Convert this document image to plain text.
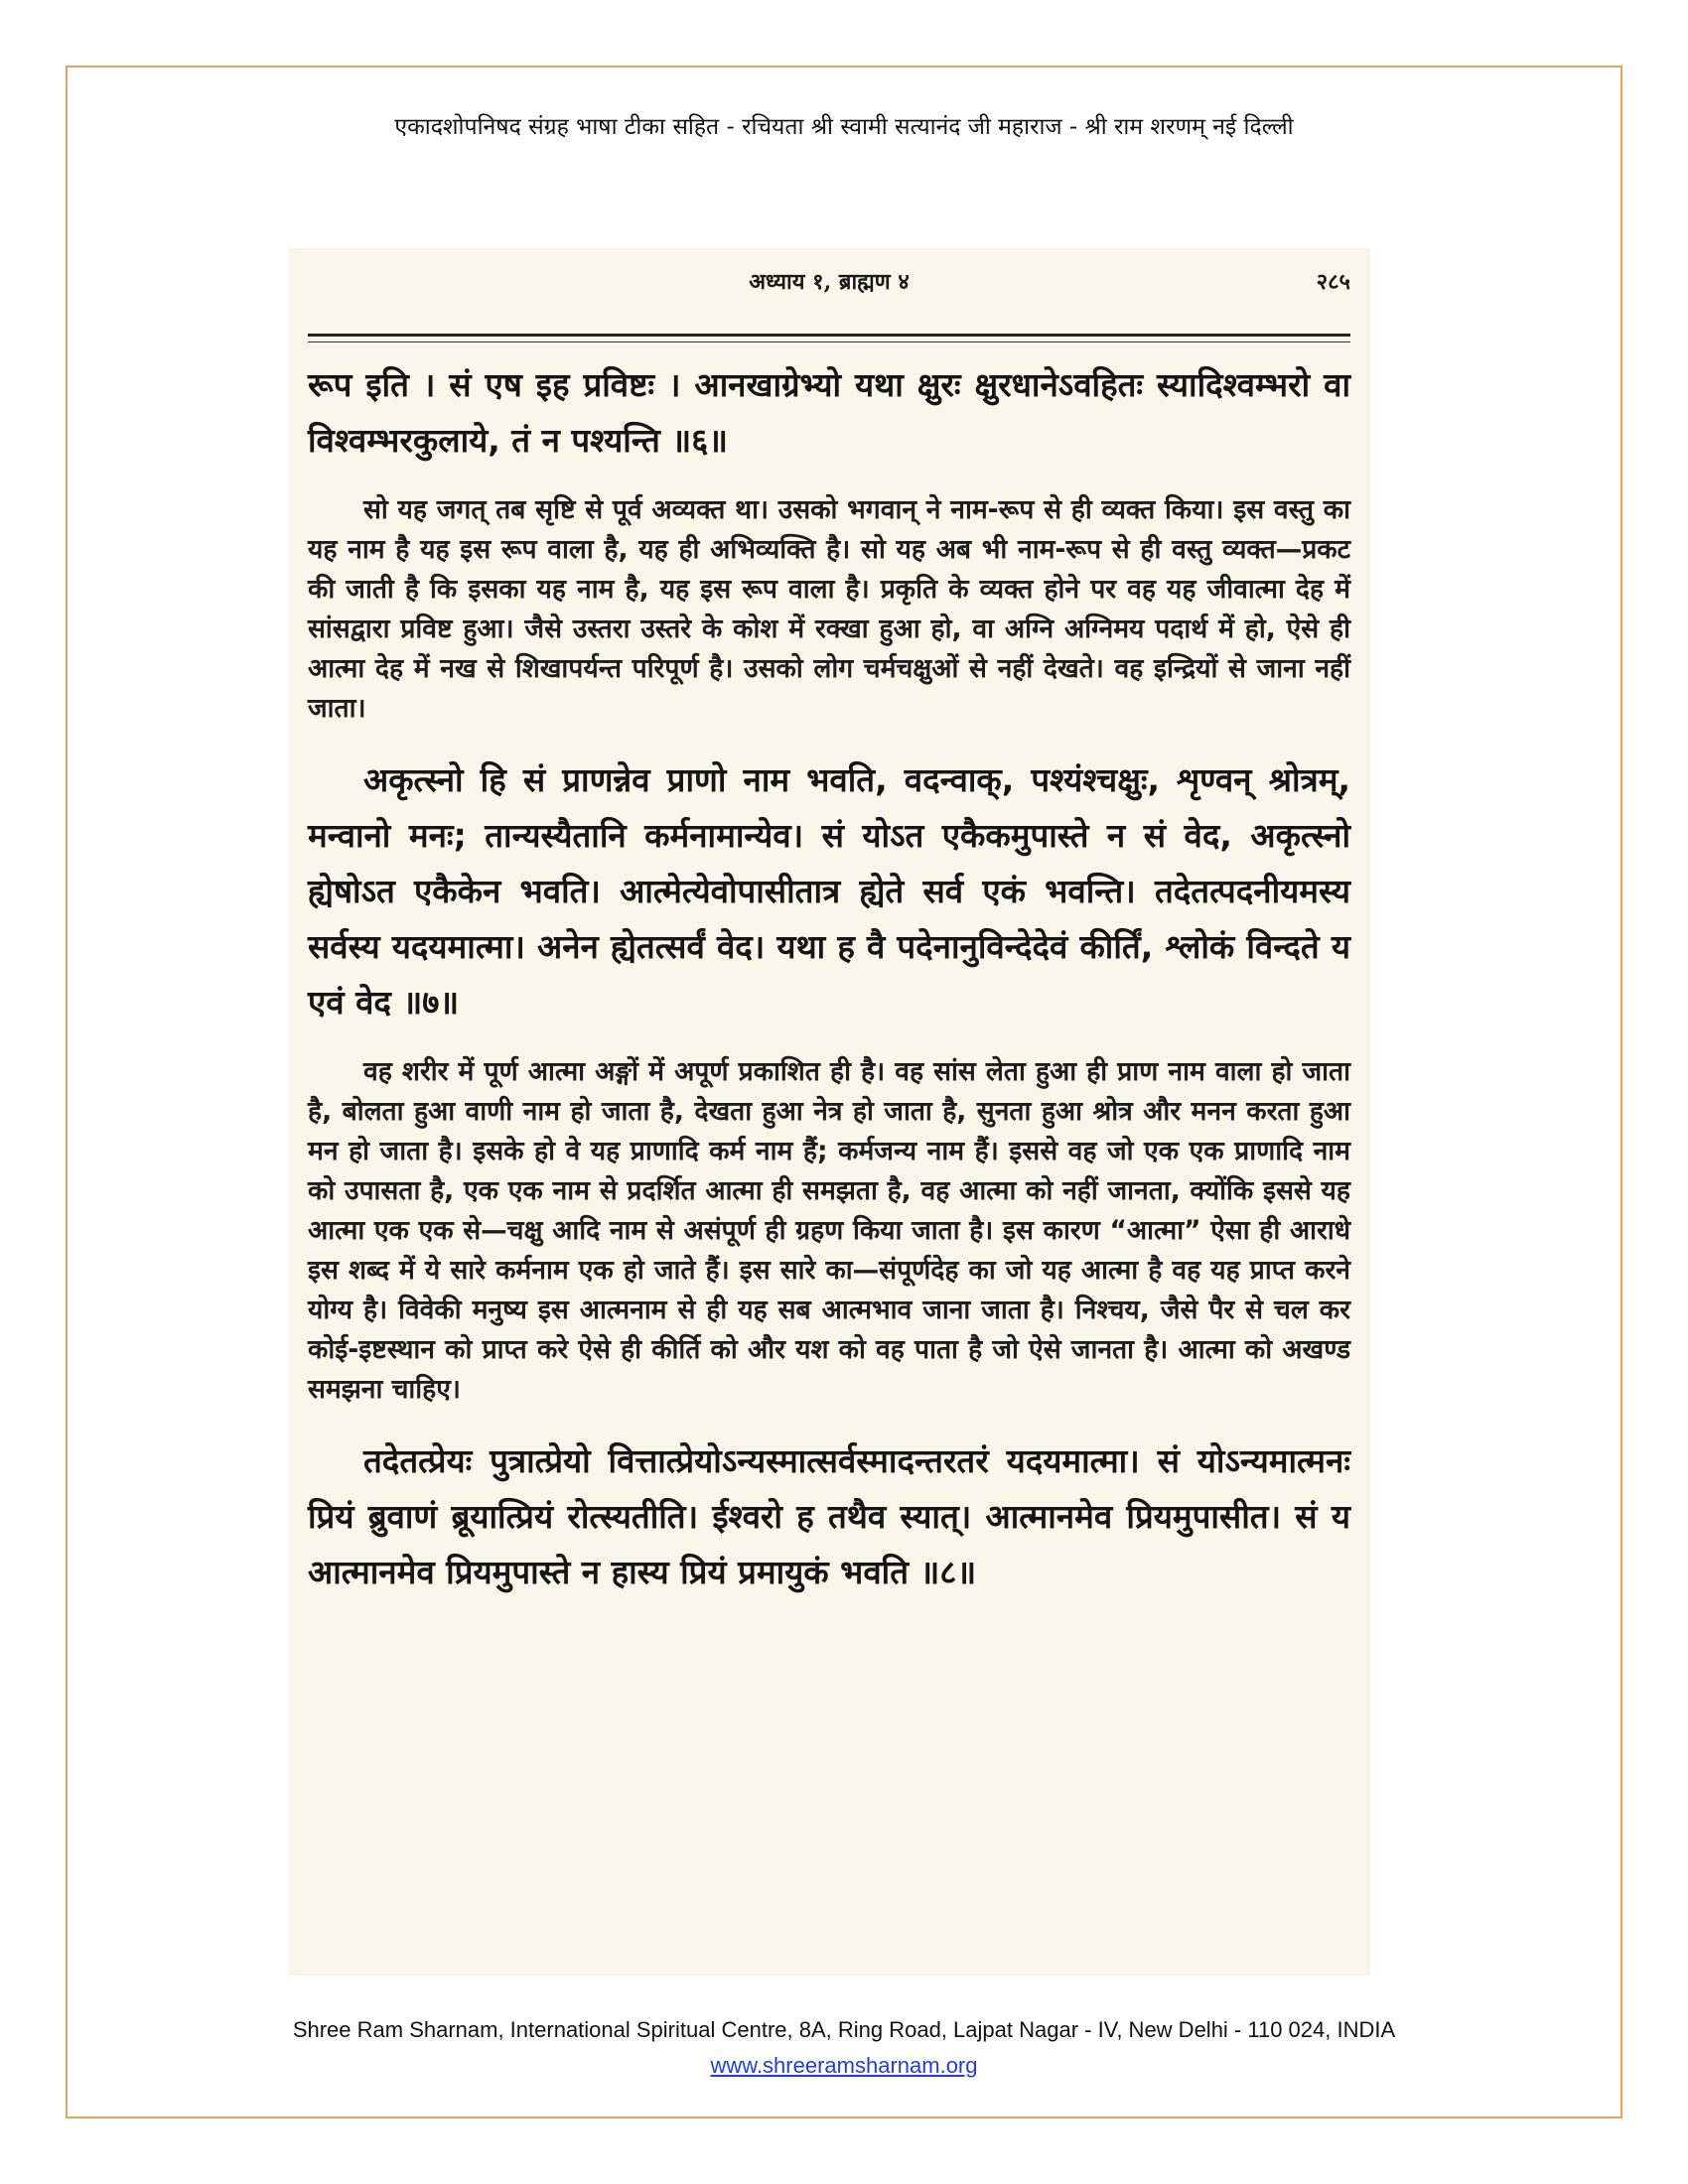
एकादशोपनिषद संग्रह भाषा टीका सहित - रचियता श्री स्वामी सत्यानंद जी महाराज - श्री राम शरणम् नई दिल्ली
अध्याय १, ब्राह्मण ४	२८५

रूप इति । सं एष इह प्रविष्टः । आनखाग्रेभ्यो यथा क्षुरः क्षुरधानेऽवहितः स्यादिश्वम्भरो वा विश्वम्भरकुलाये, तं न पश्यन्ति ॥६॥

सो यह जगत् तब सृष्टि से पूर्व अव्यक्त था। उसको भगवान् ने नाम-रूप से ही व्यक्त किया। इस वस्तु का यह नाम है यह इस रूप वाला है, यह ही अभिव्यक्ति है। सो यह अब भी नाम-रूप से ही वस्तु व्यक्त—प्रकट की जाती है कि इसका यह नाम है, यह इस रूप वाला है। प्रकृति के व्यक्त होने पर वह यह जीवात्मा देह में सांसद्वारा प्रविष्ट हुआ। जैसे उस्तरा उस्तरे के कोश में रक्खा हुआ हो, वा अग्नि अग्निमय पदार्थ में हो, ऐसे ही आत्मा देह में नख से शिखापर्यन्त परिपूर्ण है। उसको लोग चर्मचक्षुओं से नहीं देखते। वह इन्द्रियों से जाना नहीं जाता।

अकृत्स्नो हि सं प्राणन्नेव प्राणो नाम भवति, वदन्वाक्, पश्यंश्चक्षुः, शृण्वन् श्रोत्रम्, मन्वानो मनः; तान्यस्यैतानि कर्मनामान्येव। सं योऽत एकैकमुपास्ते न सं वेद, अकृत्स्नो ह्येषोऽत एकैकेन भवति। आत्मेत्येवोपासीतात्र ह्येते सर्व एकं भवन्ति। तदेतत्पदनीयमस्य सर्वस्य यदयमात्मा। अनेन ह्येतत्सर्वं वेद। यथा ह वै पदेनानुविन्देदेवं कीर्तिं, श्लोकं विन्दते य एवं वेद ॥७॥

वह शरीर में पूर्ण आत्मा अङ्गों में अपूर्ण प्रकाशित ही है। वह सांस लेता हुआ ही प्राण नाम वाला हो जाता है, बोलता हुआ वाणी नाम हो जाता है, देखता हुआ नेत्र हो जाता है, सुनता हुआ श्रोत्र और मनन करता हुआ मन हो जाता है। इसके हो वे यह प्राणादि कर्म नाम हैं; कर्मजन्य नाम हैं। इससे वह जो एक एक प्राणादि नाम को उपासता है, एक एक नाम से प्रदर्शित आत्मा ही समझता है, वह आत्मा को नहीं जानता, क्योंकि इससे यह आत्मा एक एक से—चक्षु आदि नाम से असंपूर्ण ही ग्रहण किया जाता है। इस कारण “आत्मा” ऐसा ही आराधे इस शब्द में ये सारे कर्मनाम एक हो जाते हैं। इस सारे का—संपूर्णदेह का जो यह आत्मा है वह यह प्राप्त करने योग्य है। विवेकी मनुष्य इस आत्मनाम से ही यह सब आत्मभाव जाना जाता है। निश्चय, जैसे पैर से चल कर कोई-इष्टस्थान को प्राप्त करे ऐसे ही कीर्ति को और यश को वह पाता है जो ऐसे जानता है। आत्मा को अखण्ड समझना चाहिए।

तदेतत्प्रेयः पुत्रात्प्रेयो वित्तात्प्रेयोऽन्यस्मात्सर्वस्मादन्तरतरं यदयमात्मा। सं योऽन्यमात्मनः प्रियं ब्रुवाणं ब्रूयात्प्रियं रोत्स्यतीति। ईश्वरो ह तथैव स्यात्। आत्मानमेव प्रियमुपासीत। सं य आत्मानमेव प्रियमुपास्ते न हास्य प्रियं प्रमायुकं भवति ॥८॥

Shree Ram Sharnam, International Spiritual Centre, 8A, Ring Road, Lajpat Nagar - IV, New Delhi - 110 024, INDIA
www.shreeramsharnam.org
